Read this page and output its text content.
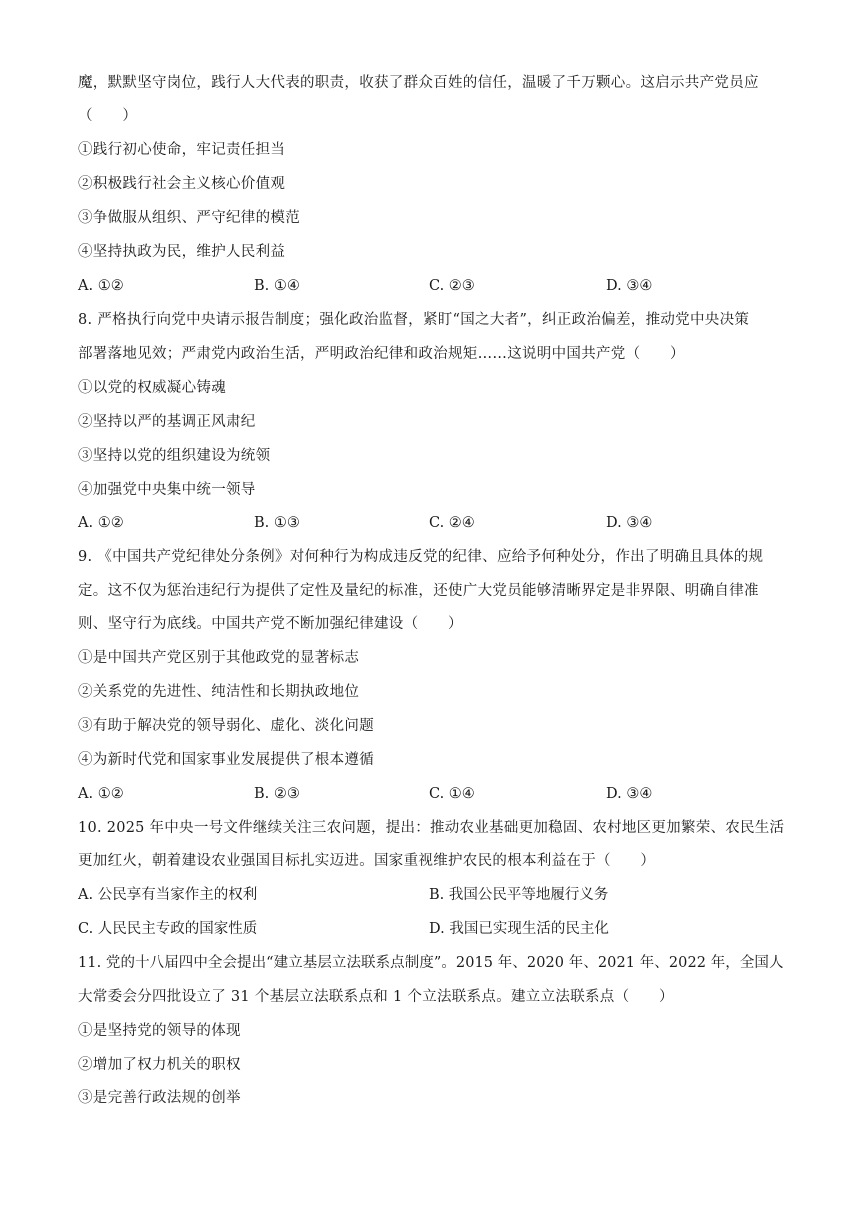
魔，默默坚守岗位，践行人大代表的职责，收获了群众百姓的信任，温暖了千万颗心。这启示共产党员应
（　　）
①践行初心使命，牢记责任担当
②积极践行社会主义核心价值观
③争做服从组织、严守纪律的模范
④坚持执政为民，维护人民利益
A. ①②	B. ①④	C. ②③	D. ③④
8. 严格执行向党中央请示报告制度；强化政治监督，紧盯“国之大者”，纠正政治偏差，推动党中央决策
部署落地见效；严肃党内政治生活，严明政治纪律和政治规矩……这说明中国共产党（　　）
①以党的权威凝心铸魂
②坚持以严的基调正风肃纪
③坚持以党的组织建设为统领
④加强党中央集中统一领导
A. ①②	B. ①③	C. ②④	D. ③④
9. 《中国共产党纪律处分条例》对何种行为构成违反党的纪律、应给予何种处分，作出了明确且具体的规
定。这不仅为惩治违纪行为提供了定性及量纪的标准，还使广大党员能够清晰界定是非界限、明确自律准
则、坚守行为底线。中国共产党不断加强纪律建设（　　）
①是中国共产党区别于其他政党的显著标志
②关系党的先进性、纯洁性和长期执政地位
③有助于解决党的领导弱化、虚化、淡化问题
④为新时代党和国家事业发展提供了根本遵循
A. ①②	B. ②③	C. ①④	D. ③④
10. 2025 年中央一号文件继续关注三农问题，提出：推动农业基础更加稳固、农村地区更加繁荣、农民生活
更加红火，朝着建设农业强国目标扎实迈进。国家重视维护农民的根本利益在于（　　）
A. 公民享有当家作主的权利	B. 我国公民平等地履行义务
C. 人民民主专政的国家性质	D. 我国已实现生活的民主化
11. 党的十八届四中全会提出“建立基层立法联系点制度”。2015 年、2020 年、2021 年、2022 年，全国人
大常委会分四批设立了 31 个基层立法联系点和 1 个立法联系点。建立立法联系点（　　）
①是坚持党的领导的体现
②增加了权力机关的职权
③是完善行政法规的创举
